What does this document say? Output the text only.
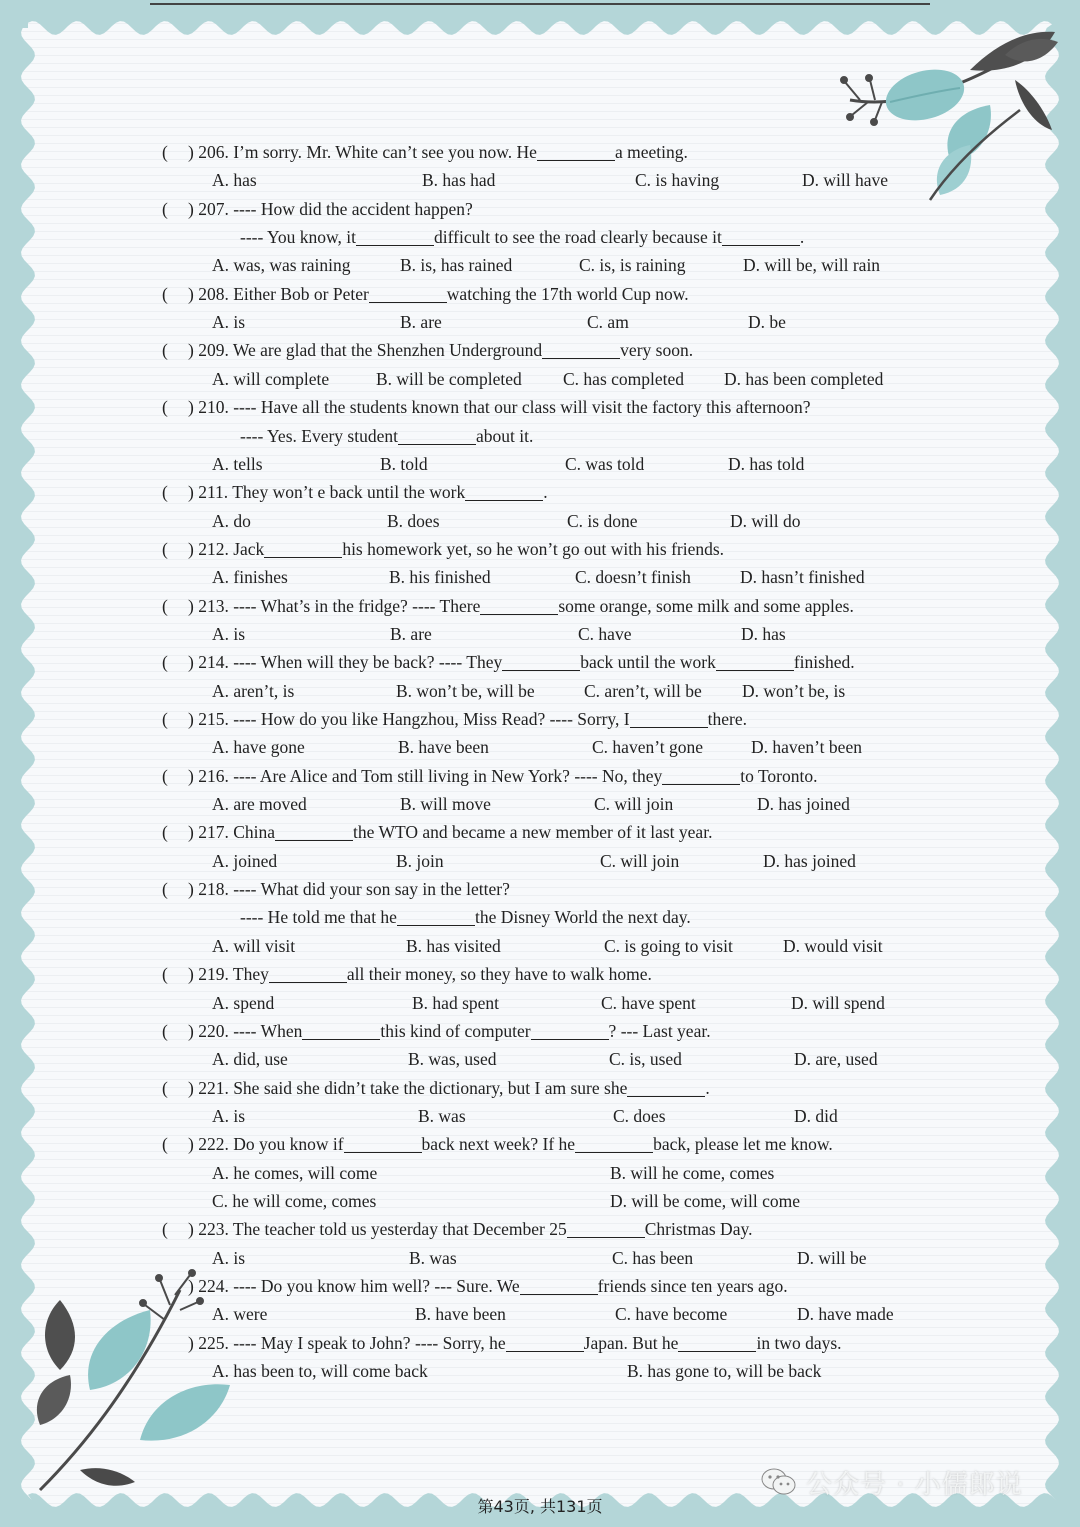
( ) 206. I’m sorry. Mr. White can’t see you now. He	a meeting.
A. has	B. has had	C. is having	D. will have
( ) 207. ---- How did the accident happen?
---- You know, it	difficult to see the road clearly because it	.
A. was, was raining	B. is, has rained	C. is, is raining	D. will be, will rain
( ) 208. Either Bob or Peter	watching the 17th world Cup now.
A. is	B. are	C. am	D. be
( ) 209. We are glad that the Shenzhen Underground	very soon.
A. will complete	B. will be completed C. has completed D. has been completed
( ) 210. ---- Have all the students known that our class will visit the factory this afternoon?
---- Yes. Every student	about it.
A. tells	B. told	C. was told	D. has told
( ) 211. They won’t e back until the work	.
A. do	B. does	C. is done	D. will do
( ) 212. Jack	his homework yet, so he won’t go out with his friends.
A. finishes	B. his finished	C. doesn’t finish	D. hasn’t finished
( ) 213. ---- What’s in the fridge? ---- There	some orange, some milk and some apples.
A. is	B. are	C. have	D. has
( ) 214. ---- When will they be back? ---- They	back until the work	finished.
A. aren’t, is	B. won’t be, will be	C. aren’t, will be D. won’t be, is
( ) 215. ---- How do you like Hangzhou, Miss Read? ---- Sorry, I	there.
A. have gone	B. have been	C. haven’t gone	D. haven’t been
( ) 216. ---- Are Alice and Tom still living in New York? ---- No, they	to Toronto.
A. are moved	B. will move	C. will join	D. has joined
( ) 217. China	the WTO and became a new member of it last year.
A. joined	B. join	C. will join	D. has joined
( ) 218. ---- What did your son say in the letter?
---- He told me that he	the Disney World the next day.
A. will visit	B. has visited	C. is going to visit	D. would visit
( ) 219. They	all their money, so they have to walk home.
A. spend	B. had spent	C. have spent	D. will spend
( ) 220. ---- When	this kind of computer	? --- Last year.
A. did, use	B. was, used	C. is, used	D. are, used
( ) 221. She said she didn’t take the dictionary, but I am sure she	.
A. is	B. was	C. does	D. did
( ) 222. Do you know if	back next week? If he	back, please let me know.
A. he comes, will come	B. will he come, comes
C. he will come, comes	D. will be come, will come
( ) 223. The teacher told us yesterday that December 25	Christmas Day.
A. is	B. was	C. has been	D. will be
) 224. ---- Do you know him well? --- Sure. We	friends since ten years ago.
A. were	B. have been	C. have become	D. have made
) 225. ---- May I speak to John? ---- Sorry, he	Japan. But he	in two days.
A. has been to, will come back	B. has gone to, will be back
第43页, 共131页
公众号 · 小儒郎说
